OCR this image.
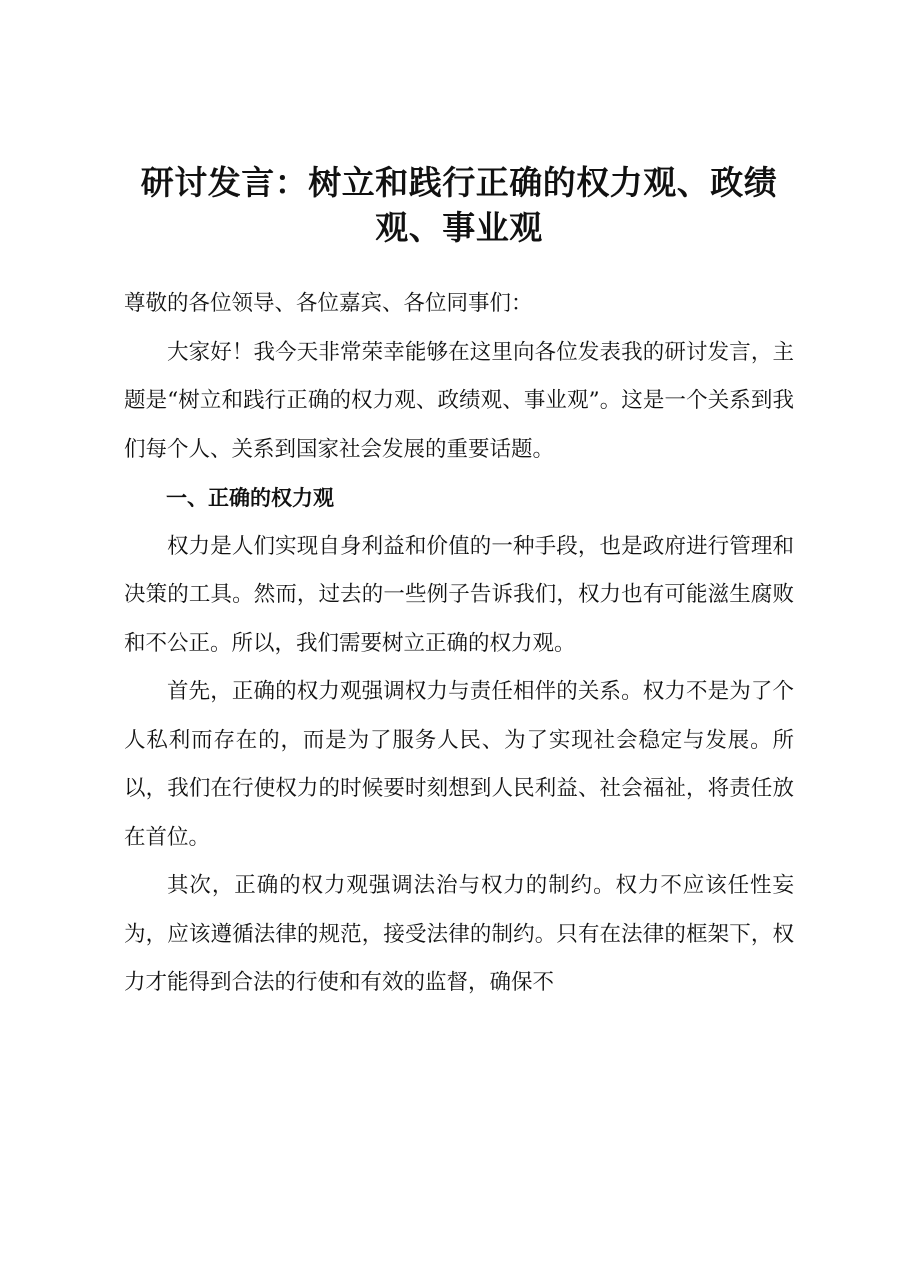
研讨发言：树立和践行正确的权力观、政绩观、事业观

尊敬的各位领导、各位嘉宾、各位同事们：

大家好！我今天非常荣幸能够在这里向各位发表我的研讨发言，主题是“树立和践行正确的权力观、政绩观、事业观”。这是一个关系到我们每个人、关系到国家社会发展的重要话题。

一、正确的权力观

权力是人们实现自身利益和价值的一种手段，也是政府进行管理和决策的工具。然而，过去的一些例子告诉我们，权力也有可能滋生腐败和不公正。所以，我们需要树立正确的权力观。

首先，正确的权力观强调权力与责任相伴的关系。权力不是为了个人私利而存在的，而是为了服务人民、为了实现社会稳定与发展。所以，我们在行使权力的时候要时刻想到人民利益、社会福祉，将责任放在首位。

其次，正确的权力观强调法治与权力的制约。权力不应该任性妄为，应该遵循法律的规范，接受法律的制约。只有在法律的框架下，权力才能得到合法的行使和有效的监督，确保不
